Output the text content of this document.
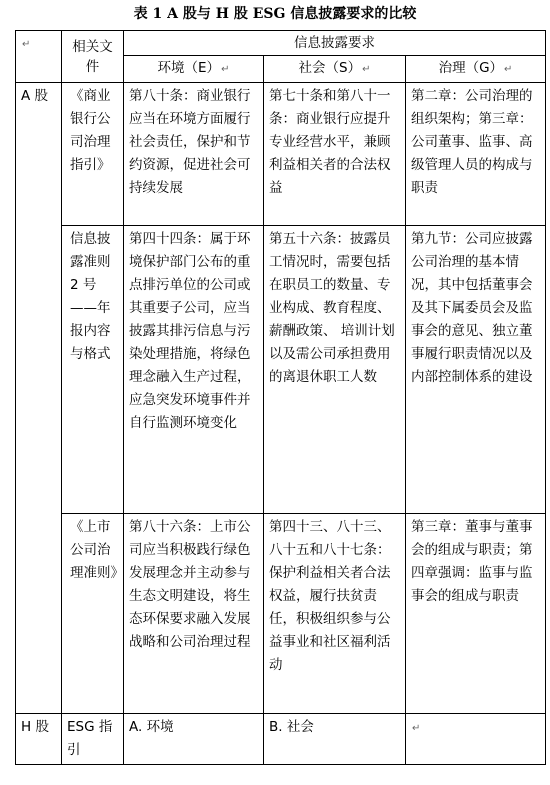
表 1 A 股与 H 股 ESG 信息披露要求的比较
↵	相关文件	信息披露要求		
		环境（E）↵	社会（S）↵	治理（G）↵
A 股	《商业银行公司治理指引》	第八十条：商业银行应当在环境方面履行社会责任，保护和节约资源，促进社会可持续发展	第七十条和第八十一条：商业银行应提升专业经营水平，兼顾利益相关者的合法权益	第二章：公司治理的组织架构；第三章：公司董事、监事、高级管理人员的构成与职责
	信息披露准则 2 号——年报内容与格式	第四十四条：属于环境保护部门公布的重点排污单位的公司或其重要子公司，应当披露其排污信息与污染处理措施，将绿色理念融入生产过程，应急突发环境事件并自行监测环境变化	第五十六条：披露员工情况时，需要包括在职员工的数量、专业构成、教育程度、薪酬政策、 培训计划以及需公司承担费用的离退休职工人数	第九节：公司应披露公司治理的基本情况，其中包括董事会及其下属委员会及监事会的意见、独立董事履行职责情况以及内部控制体系的建设
	《上市公司治理准则》	第八十六条：上市公司应当积极践行绿色发展理念并主动参与生态文明建设，将生态环保要求融入发展战略和公司治理过程	第四十三、八十三、八十五和八十七条：保护利益相关者合法权益，履行扶贫责任，积极组织参与公益事业和社区福利活动	第三章：董事与董事会的组成与职责；第四章强调：监事与监事会的组成与职责
H 股	ESG 指引	A. 环境	B. 社会	↵
